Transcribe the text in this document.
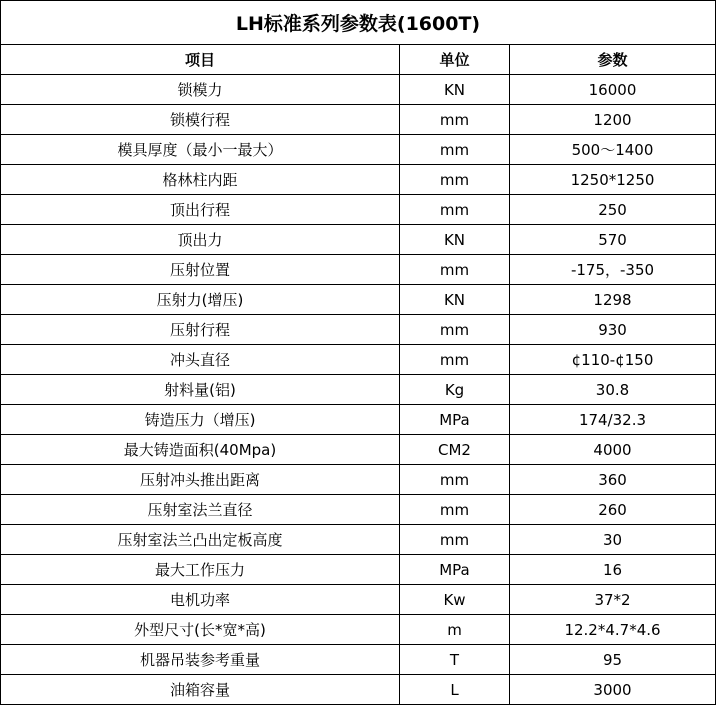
LH标准系列参数表(1600T)		
项目	单位	参数
锁模力	KN	16000
锁模行程	mm	1200
模具厚度（最小一最大）	mm	500～1400
格林柱内距	mm	1250*1250
顶出行程	mm	250
顶出力	KN	570
压射位置	mm	-175，-350
压射力(增压)	KN	1298
压射行程	mm	930
冲头直径	mm	¢110-¢150
射料量(铝)	Kg	30.8
铸造压力（增压)	MPa	174/32.3
最大铸造面积(40Mpa)	CM2	4000
压射冲头推出距离	mm	360
压射室法兰直径	mm	260
压射室法兰凸出定板高度	mm	30
最大工作压力	MPa	16
电机功率	Kw	37*2
外型尺寸(长*宽*高)	m	12.2*4.7*4.6
机器吊装参考重量	T	95
油箱容量	L	3000
